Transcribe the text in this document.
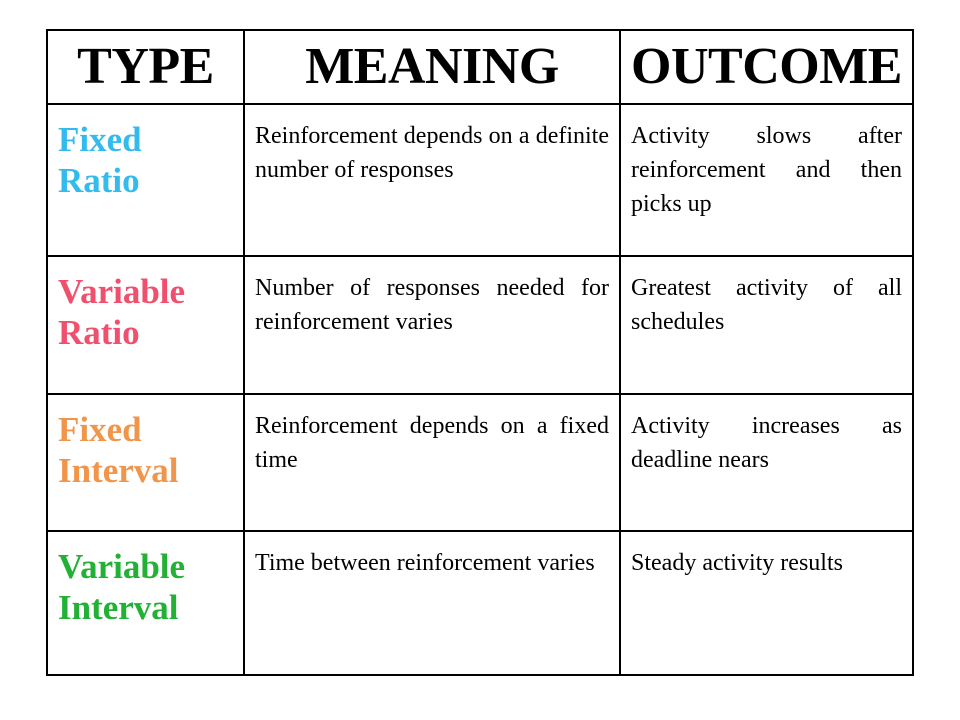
TYPE	MEANING	OUTCOME

Fixed
Ratio	Reinforcement depends on a definite number of responses	Activity slows after reinforcement and then picks up

Variable
Ratio	Number of responses needed for reinforcement varies	Greatest activity of all schedules

Fixed
Interval	Reinforcement depends on a fixed time	Activity increases as deadline nears

Variable
Interval	Time between reinforcement varies	Steady activity results
